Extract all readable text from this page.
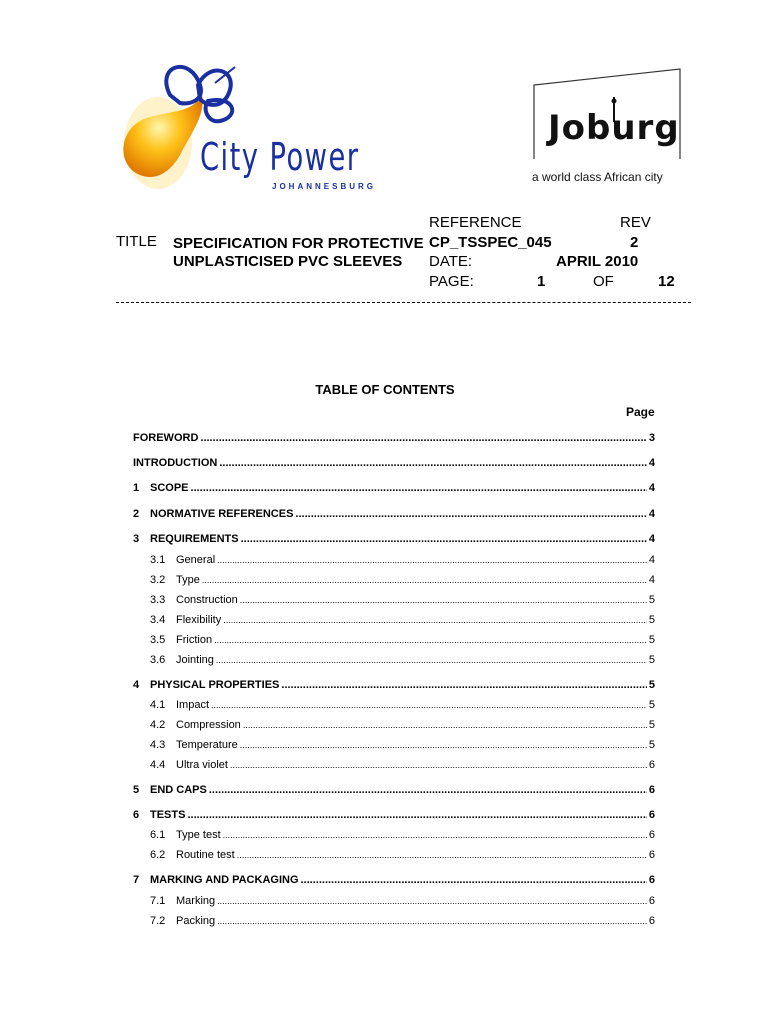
City Power
JOHANNESBURG
Joburg
a world class African city
TITLE SPECIFICATION FOR PROTECTIVE
UNPLASTICISED PVC SLEEVES
REFERENCE	REV
CP_TSSPEC_045	2
DATE:	APRIL 2010
PAGE:	1	OF	12
TABLE OF CONTENTS
Page
FOREWORD .....	3
INTRODUCTION .....	4
1 SCOPE .....	4
2 NORMATIVE REFERENCES .....	4
3 REQUIREMENTS .....	4
3.1 General .....	4
3.2 Type .....	4
3.3 Construction .....	5
3.4 Flexibility .....	5
3.5 Friction .....	5
3.6 Jointing .....	5
4 PHYSICAL PROPERTIES .....	5
4.1 Impact .....	5
4.2 Compression .....	5
4.3 Temperature .....	5
4.4 Ultra violet .....	6
5 END CAPS .....	6
6 TESTS .....	6
6.1 Type test .....	6
6.2 Routine test .....	6
7 MARKING AND PACKAGING .....	6
7.1 Marking .....	6
7.2 Packing .....	6
